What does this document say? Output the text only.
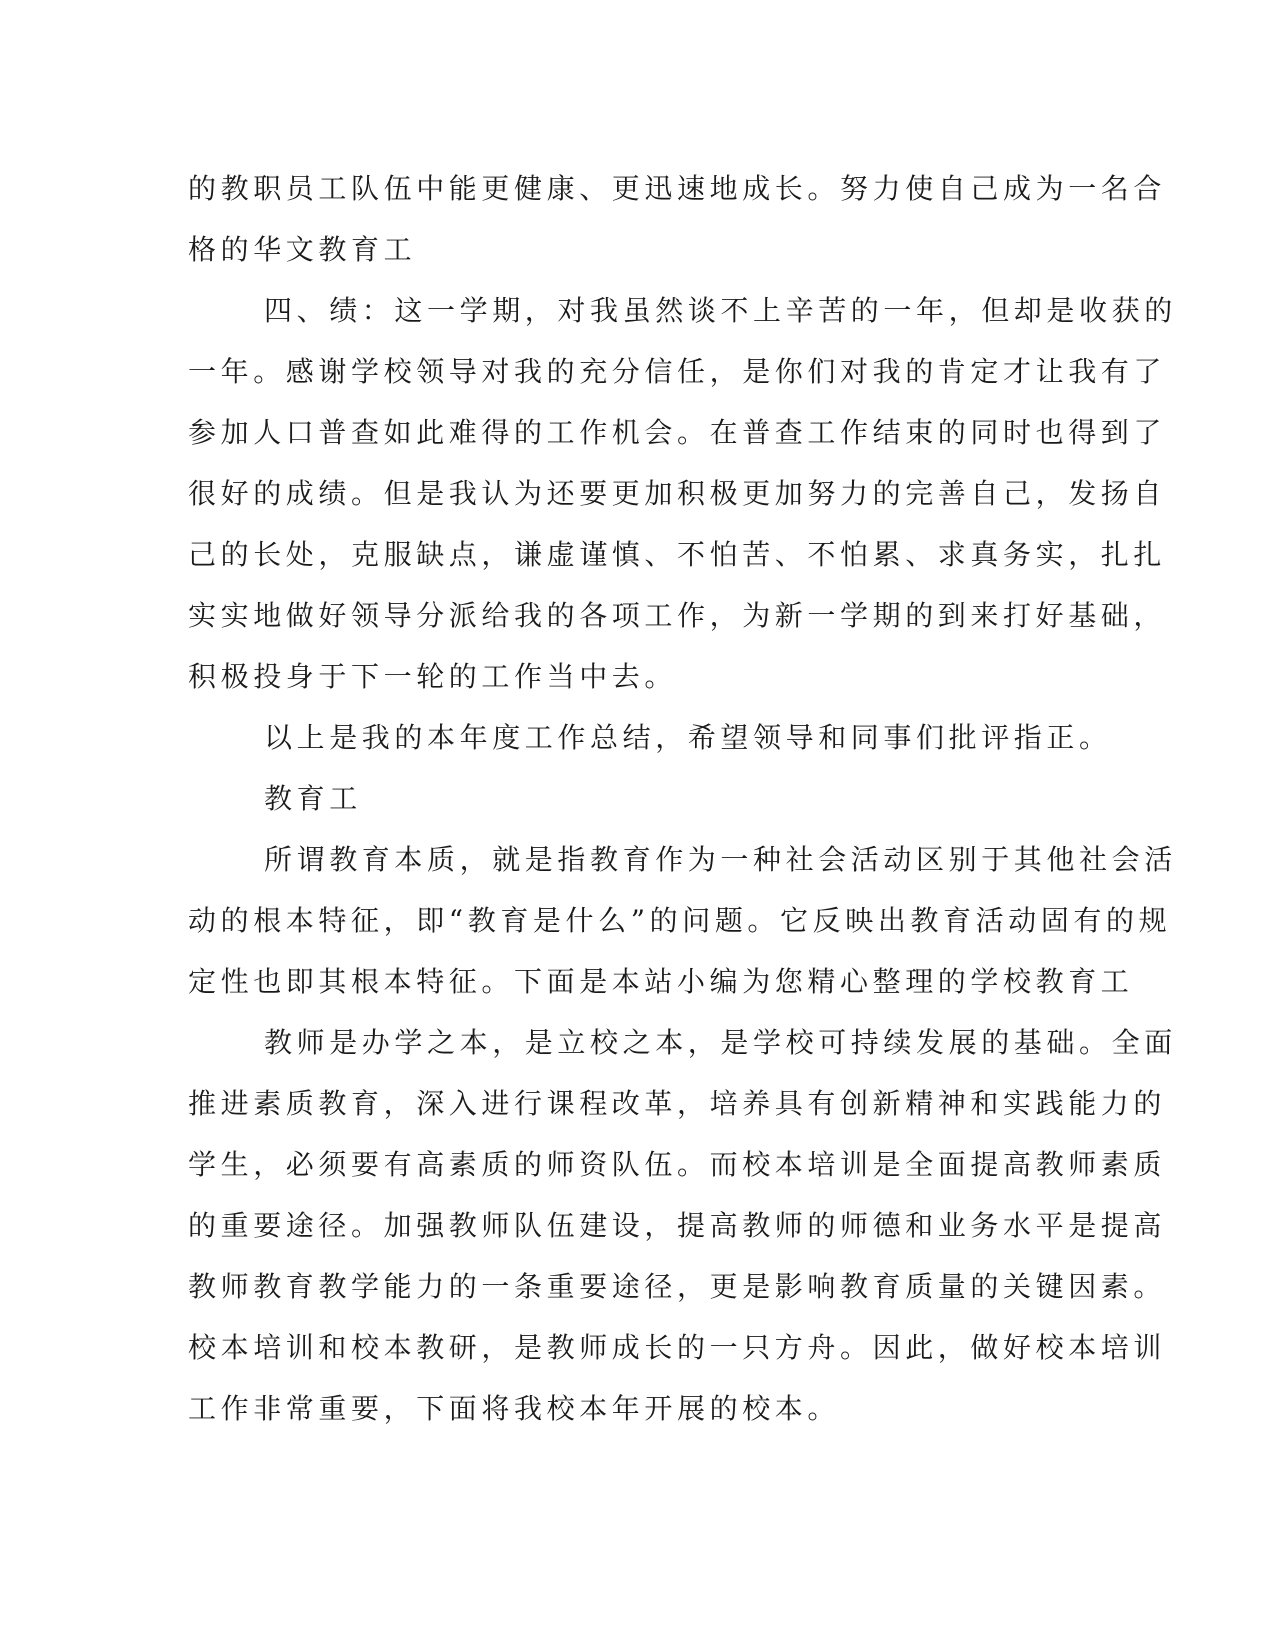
的教职员工队伍中能更健康、更迅速地成长。努力使自己成为一名合
格的华文教育工

四、绩：这一学期，对我虽然谈不上辛苦的一年，但却是收获的
一年。感谢学校领导对我的充分信任，是你们对我的肯定才让我有了
参加人口普查如此难得的工作机会。在普查工作结束的同时也得到了
很好的成绩。但是我认为还要更加积极更加努力的完善自己，发扬自
己的长处，克服缺点，谦虚谨慎、不怕苦、不怕累、求真务实，扎扎
实实地做好领导分派给我的各项工作，为新一学期的到来打好基础，
积极投身于下一轮的工作当中去。

以上是我的本年度工作总结，希望领导和同事们批评指正。

教育工

所谓教育本质，就是指教育作为一种社会活动区别于其他社会活
动的根本特征，即“教育是什么”的问题。它反映出教育活动固有的规
定性也即其根本特征。下面是本站小编为您精心整理的学校教育工

教师是办学之本，是立校之本，是学校可持续发展的基础。全面
推进素质教育，深入进行课程改革，培养具有创新精神和实践能力的
学生，必须要有高素质的师资队伍。而校本培训是全面提高教师素质
的重要途径。加强教师队伍建设，提高教师的师德和业务水平是提高
教师教育教学能力的一条重要途径，更是影响教育质量的关键因素。
校本培训和校本教研，是教师成长的一只方舟。因此，做好校本培训
工作非常重要，下面将我校本年开展的校本。
